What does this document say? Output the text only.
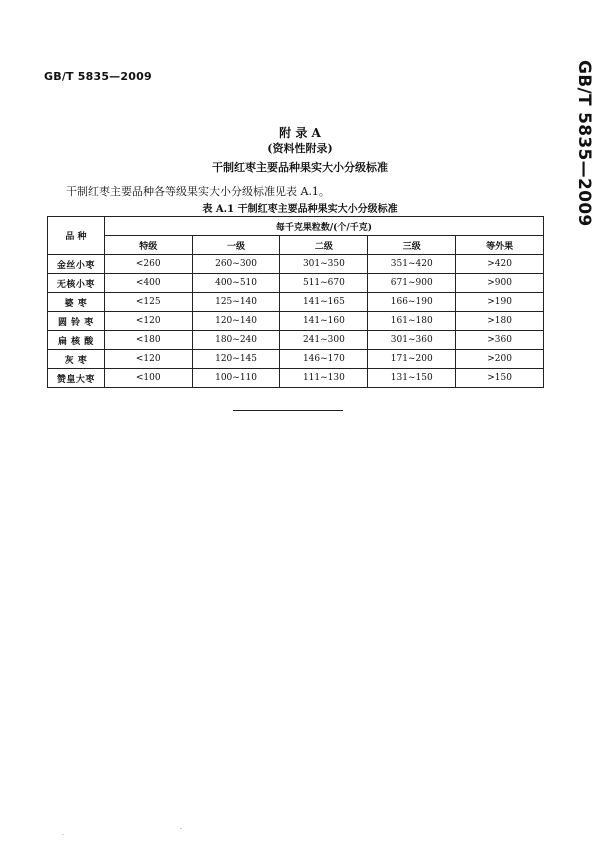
GB/T 5835—2009	GB/T 5835—2009
附 录 A
(资料性附录)
干制红枣主要品种果实大小分级标准
干制红枣主要品种各等级果实大小分级标准见表 A.1。
表 A.1 干制红枣主要品种果实大小分级标准
品 种	每千克果粒数/(个/千克)				
	特级	一级	二级	三级	等外果
金丝小枣	<260	260~300	301~350	351~420	>420
无核小枣	<400	400~510	511~670	671~900	>900
婆 枣	<125	125~140	141~165	166~190	>190
圆 铃 枣	<120	120~140	141~160	161~180	>180
扁 核 酸	<180	180~240	241~300	301~360	>360
灰 枣	<120	120~145	146~170	171~200	>200
赞皇大枣	<100	100~110	111~130	131~150	>150
·
·
